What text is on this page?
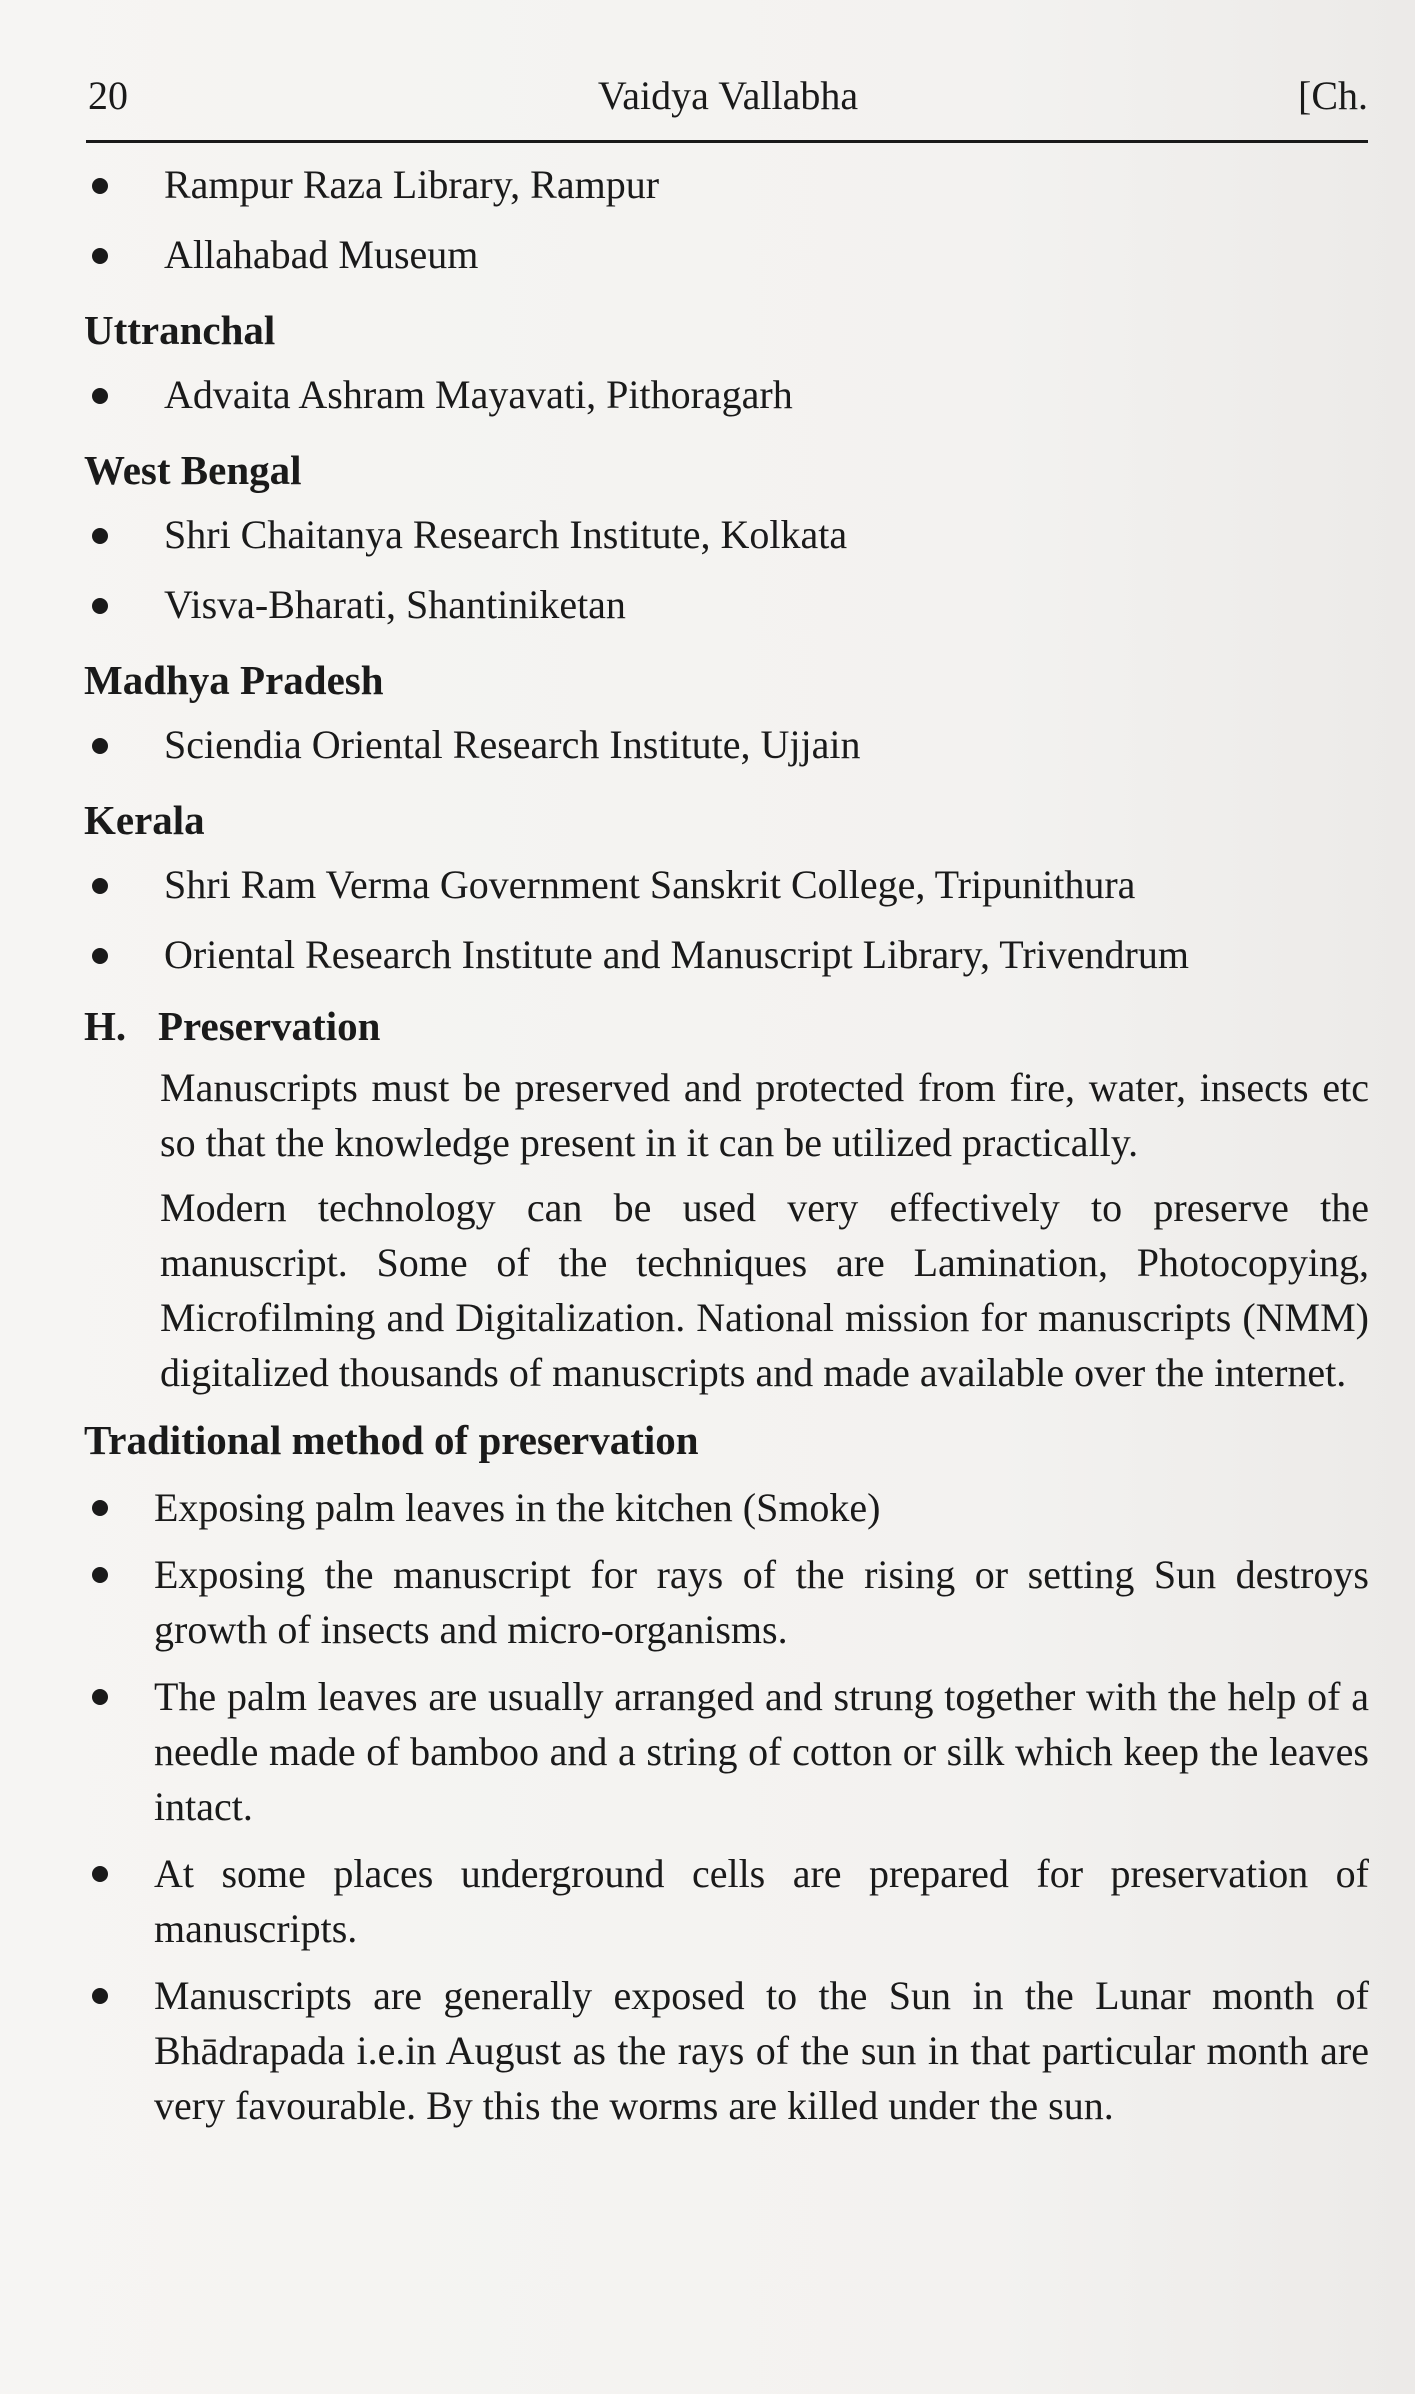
20	Vaidya Vallabha	[Ch.
Rampur Raza Library, Rampur
Allahabad Museum
Uttranchal
Advaita Ashram Mayavati, Pithoragarh
West Bengal
Shri Chaitanya Research Institute, Kolkata
Visva-Bharati, Shantiniketan
Madhya Pradesh
Sciendia Oriental Research Institute, Ujjain
Kerala
Shri Ram Verma Government Sanskrit College, Tripunithura
Oriental Research Institute and Manuscript Library, Trivendrum
H. Preservation
Manuscripts must be preserved and protected from fire, water, insects etc so that the knowledge present in it can be utilized practically.
Modern technology can be used very effectively to preserve the manuscript. Some of the techniques are Lamination, Photocopying, Microfilming and Digitalization. National mission for manuscripts (NMM) digitalized thousands of manuscripts and made available over the internet.
Traditional method of preservation
Exposing palm leaves in the kitchen (Smoke)
Exposing the manuscript for rays of the rising or setting Sun destroys growth of insects and micro-organisms.
The palm leaves are usually arranged and strung together with the help of a needle made of bamboo and a string of cotton or silk which keep the leaves intact.
At some places underground cells are prepared for preservation of manuscripts.
Manuscripts are generally exposed to the Sun in the Lunar month of Bhādrapada i.e.in August as the rays of the sun in that particular month are very favourable. By this the worms are killed under the sun.
